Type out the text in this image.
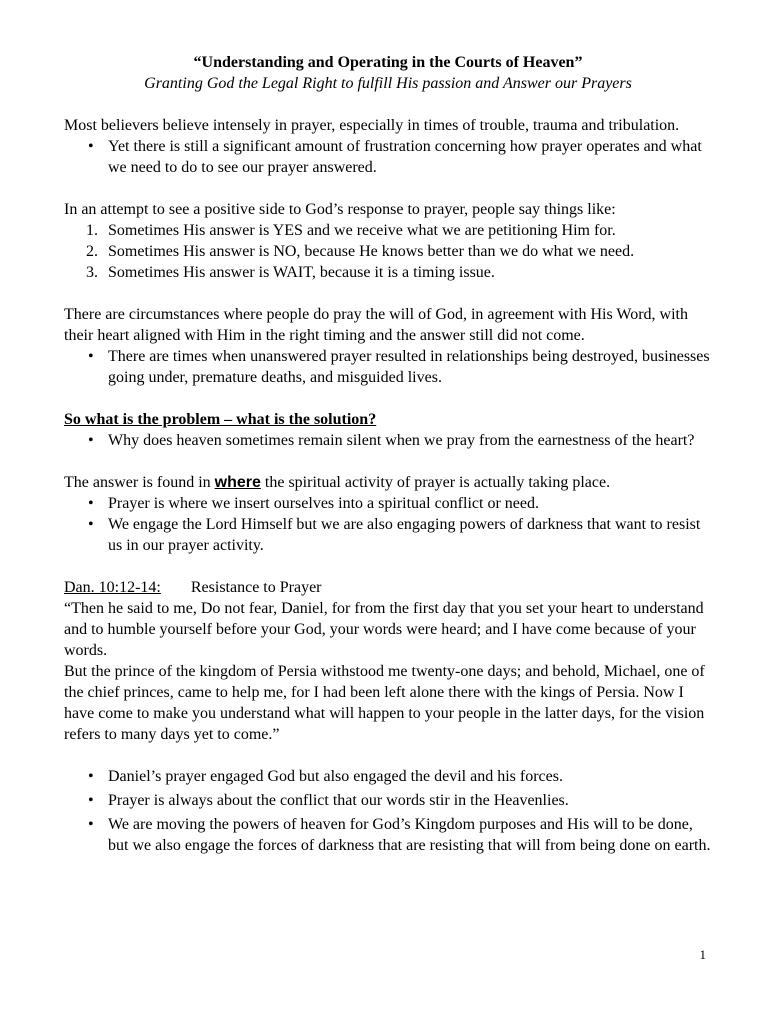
“Understanding and Operating in the Courts of Heaven”

Granting God the Legal Right to fulfill His passion and Answer our Prayers

Most believers believe intensely in prayer, especially in times of trouble, trauma and tribulation.

• Yet there is still a significant amount of frustration concerning how prayer operates and what we need to do to see our prayer answered.

In an attempt to see a positive side to God’s response to prayer, people say things like:

1. Sometimes His answer is YES and we receive what we are petitioning Him for.
2. Sometimes His answer is NO, because He knows better than we do what we need.
3. Sometimes His answer is WAIT, because it is a timing issue.

There are circumstances where people do pray the will of God, in agreement with His Word, with their heart aligned with Him in the right timing and the answer still did not come.

• There are times when unanswered prayer resulted in relationships being destroyed, businesses going under, premature deaths, and misguided lives.

So what is the problem – what is the solution?

• Why does heaven sometimes remain silent when we pray from the earnestness of the heart?

The answer is found in where the spiritual activity of prayer is actually taking place.

• Prayer is where we insert ourselves into a spiritual conflict or need.
• We engage the Lord Himself but we are also engaging powers of darkness that want to resist us in our prayer activity.

Dan. 10:12-14: Resistance to Prayer

“Then he said to me, Do not fear, Daniel, for from the first day that you set your heart to understand and to humble yourself before your God, your words were heard; and I have come because of your words.

But the prince of the kingdom of Persia withstood me twenty-one days; and behold, Michael, one of the chief princes, came to help me, for I had been left alone there with the kings of Persia. Now I have come to make you understand what will happen to your people in the latter days, for the vision refers to many days yet to come.”

• Daniel’s prayer engaged God but also engaged the devil and his forces.
• Prayer is always about the conflict that our words stir in the Heavenlies.
• We are moving the powers of heaven for God’s Kingdom purposes and His will to be done, but we also engage the forces of darkness that are resisting that will from being done on earth.
1
